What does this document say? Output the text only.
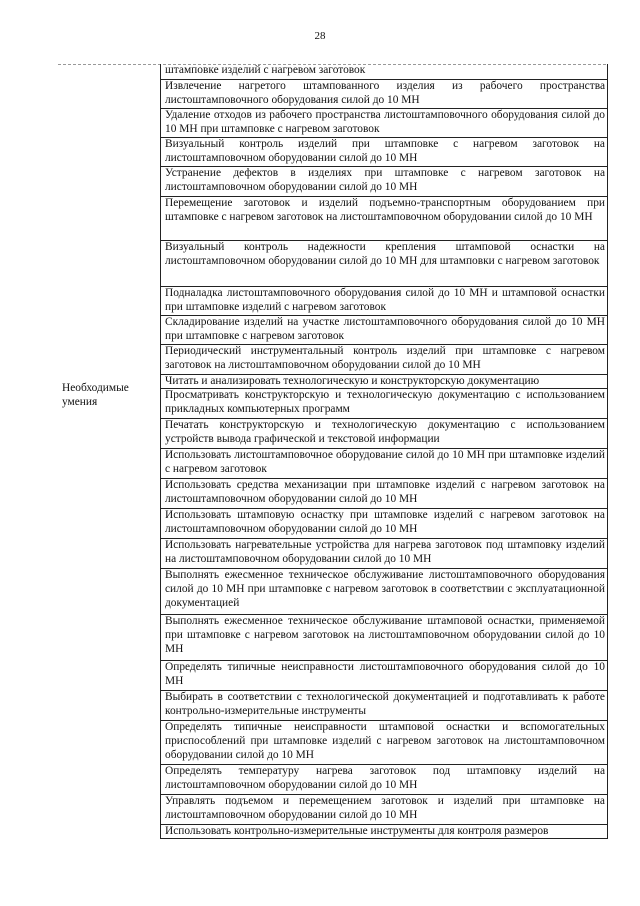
28
Необходимые
умения
штамповке изделий с нагревом заготовок
Извлечение нагретого штампованного изделия из рабочего пространства листоштамповочного оборудования силой до 10 МН
Удаление отходов из рабочего пространства листоштамповочного оборудования силой до 10 МН при штамповке с нагревом заготовок
Визуальный контроль изделий при штамповке с нагревом заготовок на листоштамповочном оборудовании силой до 10 МН
Устранение дефектов в изделиях при штамповке с нагревом заготовок на листоштамповочном оборудовании силой до 10 МН
Перемещение заготовок и изделий подъемно-транспортным оборудованием при штамповке с нагревом заготовок на листоштамповочном оборудовании силой до 10 МН
Визуальный контроль надежности крепления штамповой оснастки на листоштамповочном оборудовании силой до 10 МН для штамповки с нагревом заготовок
Подналадка листоштамповочного оборудования силой до 10 МН и штамповой оснастки при штамповке изделий с нагревом заготовок
Складирование изделий на участке листоштамповочного оборудования силой до 10 МН при штамповке с нагревом заготовок
Периодический инструментальный контроль изделий при штамповке с нагревом заготовок на листоштамповочном оборудовании силой до 10 МН
Читать и анализировать технологическую и конструкторскую документацию
Просматривать конструкторскую и технологическую документацию с использованием прикладных компьютерных программ
Печатать конструкторскую и технологическую документацию с использованием устройств вывода графической и текстовой информации
Использовать листоштамповочное оборудование силой до 10 МН при штамповке изделий с нагревом заготовок
Использовать средства механизации при штамповке изделий с нагревом заготовок на листоштамповочном оборудовании силой до 10 МН
Использовать штамповую оснастку при штамповке изделий с нагревом заготовок на листоштамповочном оборудовании силой до 10 МН
Использовать нагревательные устройства для нагрева заготовок под штамповку изделий на листоштамповочном оборудовании силой до 10 МН
Выполнять ежесменное техническое обслуживание листоштамповочного оборудования силой до 10 МН при штамповке с нагревом заготовок в соответствии с эксплуатационной документацией
Выполнять ежесменное техническое обслуживание штамповой оснастки, применяемой при штамповке с нагревом заготовок на листоштамповочном оборудовании силой до 10 МН
Определять типичные неисправности листоштамповочного оборудования силой до 10 МН
Выбирать в соответствии с технологической документацией и подготавливать к работе контрольно-измерительные инструменты
Определять типичные неисправности штамповой оснастки и вспомогательных приспособлений при штамповке изделий с нагревом заготовок на листоштамповочном оборудовании силой до 10 МН
Определять температуру нагрева заготовок под штамповку изделий на листоштамповочном оборудовании силой до 10 МН
Управлять подъемом и перемещением заготовок и изделий при штамповке на листоштамповочном оборудовании силой до 10 МН
Использовать контрольно-измерительные инструменты для контроля размеров
